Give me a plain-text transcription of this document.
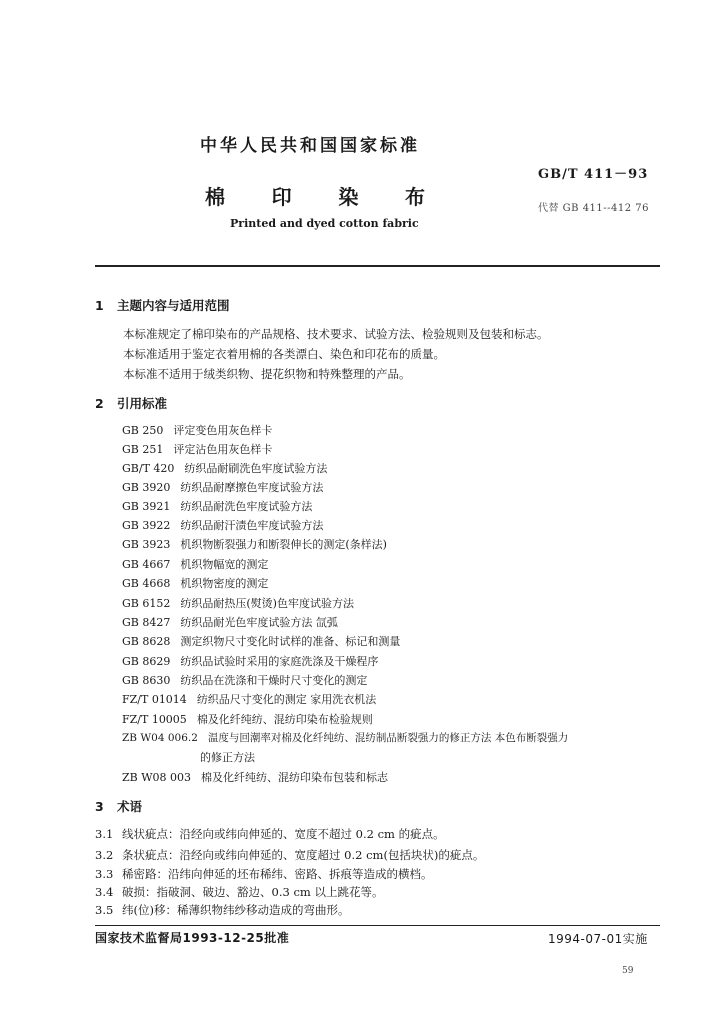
中华人民共和国国家标准
GB/T 411－93
棉 印 染 布	代替 GB 411--412 76
Printed and dyed cotton fabric
1 主题内容与适用范围
本标准规定了棉印染布的产品规格、技术要求、试验方法、检验规则及包装和标志。
本标准适用于鉴定衣着用棉的各类漂白、染色和印花布的质量。
本标准不适用于绒类织物、提花织物和特殊整理的产品。
2 引用标准
GB 250 评定变色用灰色样卡
GB 251 评定沾色用灰色样卡
GB/T 420 纺织品耐刷洗色牢度试验方法
GB 3920 纺织品耐摩擦色牢度试验方法
GB 3921 纺织品耐洗色牢度试验方法
GB 3922 纺织品耐汗渍色牢度试验方法
GB 3923 机织物断裂强力和断裂伸长的测定(条样法)
GB 4667 机织物幅宽的测定
GB 4668 机织物密度的测定
GB 6152 纺织品耐热压(熨烫)色牢度试验方法
GB 8427 纺织品耐光色牢度试验方法 氙弧
GB 8628 测定织物尺寸变化时试样的准备、标记和测量
GB 8629 纺织品试验时采用的家庭洗涤及干燥程序
GB 8630 纺织品在洗涤和干燥时尺寸变化的测定
FZ/T 01014 纺织品尺寸变化的测定 家用洗衣机法
FZ/T 10005 棉及化纤纯纺、混纺印染布检验规则
ZB W04 006.2 温度与回潮率对棉及化纤纯纺、混纺制品断裂强力的修正方法 本色布断裂强力
的修正方法
ZB W08 003 棉及化纤纯纺、混纺印染布包装和标志
3 术语
3.1 线状疵点：沿经向或纬向伸延的、宽度不超过 0.2 cm 的疵点。
3.2 条状疵点：沿经向或纬向伸延的、宽度超过 0.2 cm(包括块状)的疵点。
3.3 稀密路：沿纬向伸延的坯布稀纬、密路、拆痕等造成的横档。
3.4 破损：指破洞、破边、豁边、0.3 cm 以上跳花等。
3.5 纬(位)移：稀薄织物纬纱移动造成的弯曲形。
国家技术监督局1993-12-25批准	1994-07-01实施
59
